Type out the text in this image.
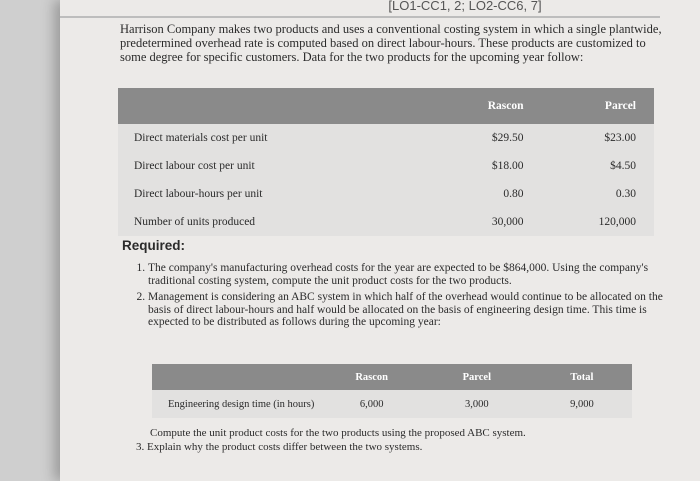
[LO1-CC1, 2; LO2-CC6, 7]

Harrison Company makes two products and uses a conventional costing system in which a single plantwide, predetermined overhead rate is computed based on direct labour-hours. These products are customized to some degree for specific customers. Data for the two products for the upcoming year follow:

	Rascon	Parcel
Direct materials cost per unit	$29.50	$23.00
Direct labour cost per unit	$18.00	$4.50
Direct labour-hours per unit	0.80	0.30
Number of units produced	30,000	120,000
Required:
1. The company's manufacturing overhead costs for the year are expected to be $864,000. Using the company's traditional costing system, compute the unit product costs for the two products.
2. Management is considering an ABC system in which half of the overhead would continue to be allocated on the basis of direct labour-hours and half would be allocated on the basis of engineering design time. This time is expected to be distributed as follows during the upcoming year:
	Rascon	Parcel	Total
Engineering design time (in hours)	6,000	3,000	9,000
Compute the unit product costs for the two products using the proposed ABC system.
3. Explain why the product costs differ between the two systems.
